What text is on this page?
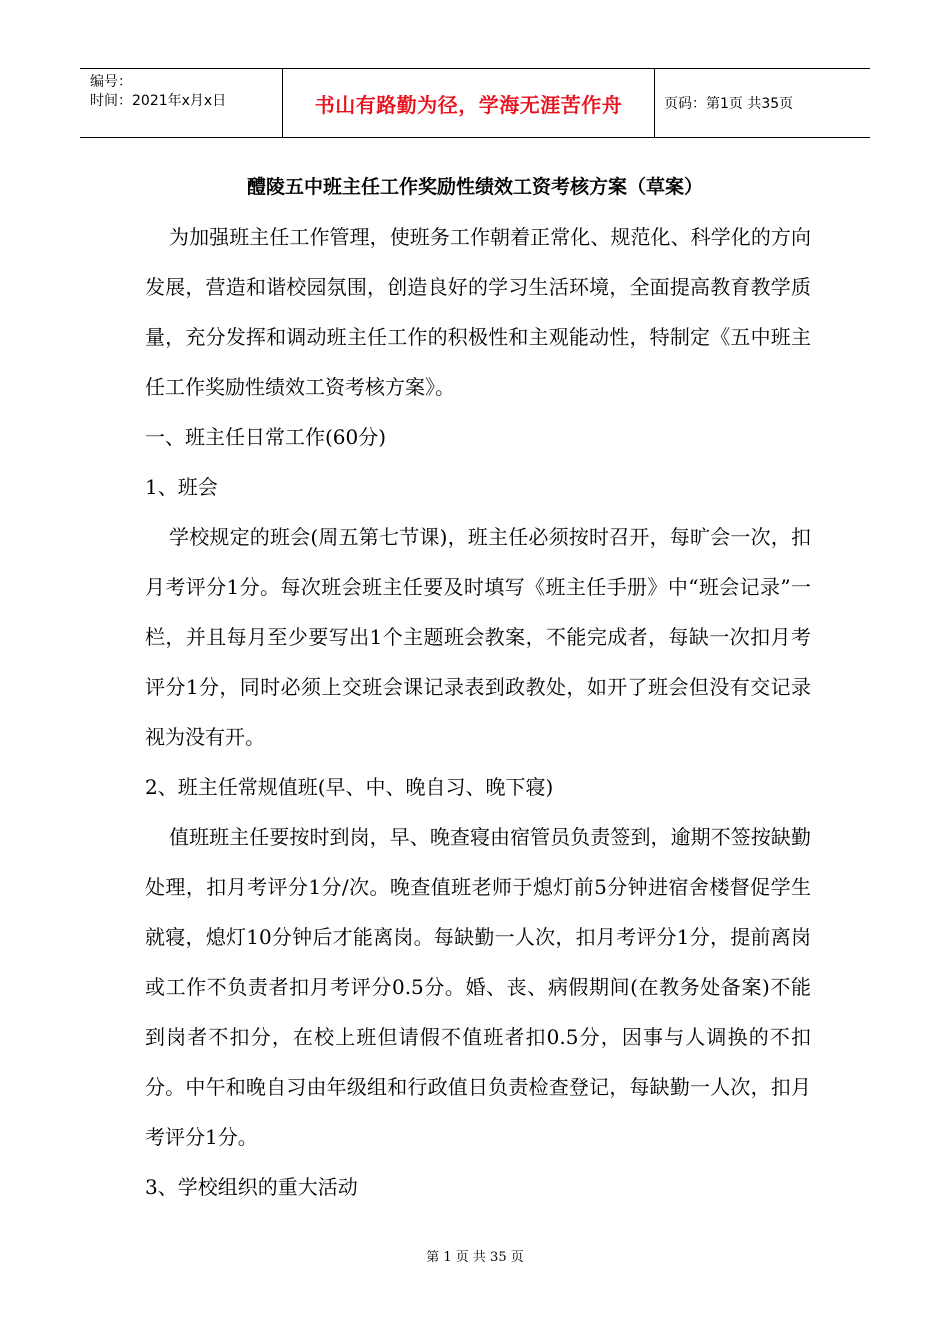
编号：
时间：2021年x月x日	书山有路勤为径，学海无涯苦作舟	页码：第1页 共35页
醴陵五中班主任工作奖励性绩效工资考核方案（草案）

为加强班主任工作管理，使班务工作朝着正常化、规范化、科学化的方向发展，营造和谐校园氛围，创造良好的学习生活环境，全面提高教育教学质量，充分发挥和调动班主任工作的积极性和主观能动性，特制定《五中班主任工作奖励性绩效工资考核方案》。

一、班主任日常工作(60分)

1、班会

学校规定的班会(周五第七节课)，班主任必须按时召开，每旷会一次，扣月考评分1分。每次班会班主任要及时填写《班主任手册》中“班会记录”一栏，并且每月至少要写出1个主题班会教案，不能完成者，每缺一次扣月考评分1分，同时必须上交班会课记录表到政教处，如开了班会但没有交记录视为没有开。

2、班主任常规值班(早、中、晚自习、晚下寝)

值班班主任要按时到岗，早、晚查寝由宿管员负责签到，逾期不签按缺勤处理，扣月考评分1分/次。晚查值班老师于熄灯前5分钟进宿舍楼督促学生就寝，熄灯10分钟后才能离岗。每缺勤一人次，扣月考评分1分，提前离岗或工作不负责者扣月考评分0.5分。婚、丧、病假期间(在教务处备案)不能到岗者不扣分，在校上班但请假不值班者扣0.5分，因事与人调换的不扣分。中午和晚自习由年级组和行政值日负责检查登记，每缺勤一人次，扣月考评分1分。

3、学校组织的重大活动

第 1 页 共 35 页
